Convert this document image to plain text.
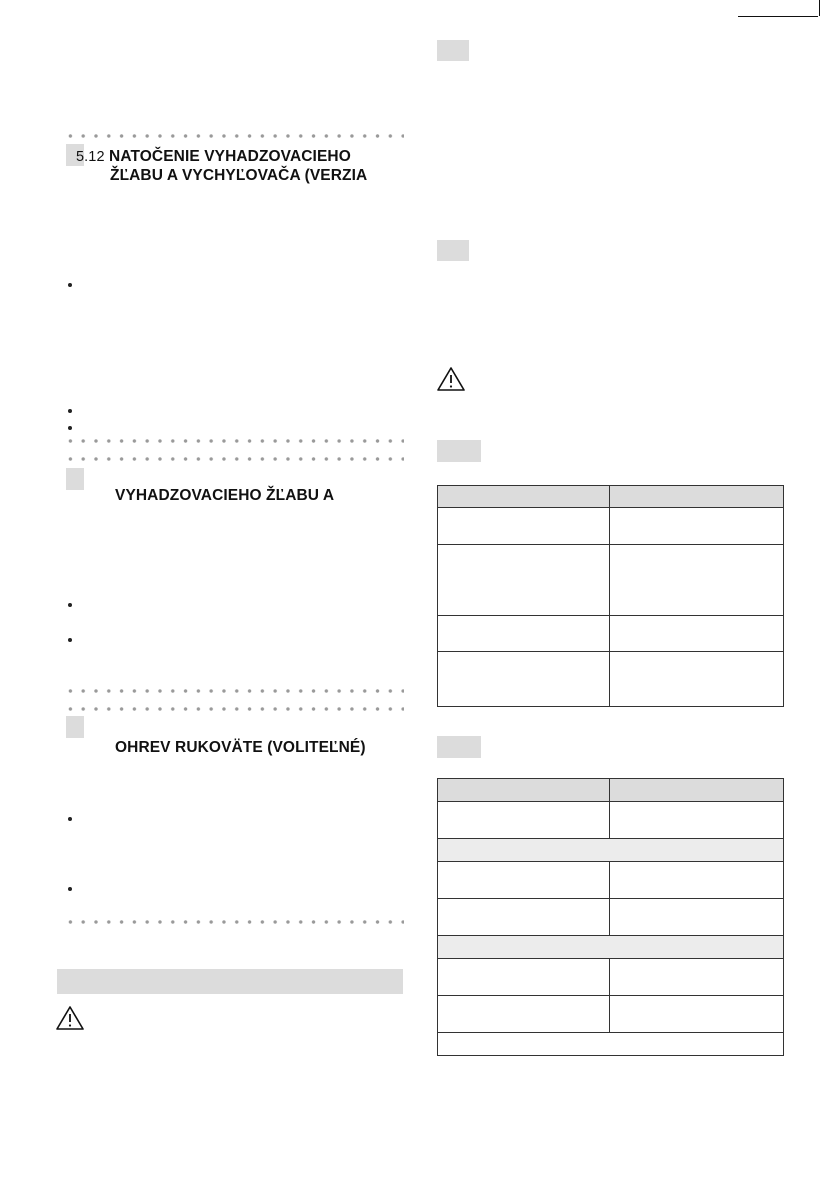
5.12 NATOČENIE VYHADZOVACIEHO
ŽĽABU A VYCHYĽOVAČA (VERZIA
VYHADZOVACIEHO ŽĽABU A
OHREV RUKOVÄTE (VOLITEĽNÉ)
